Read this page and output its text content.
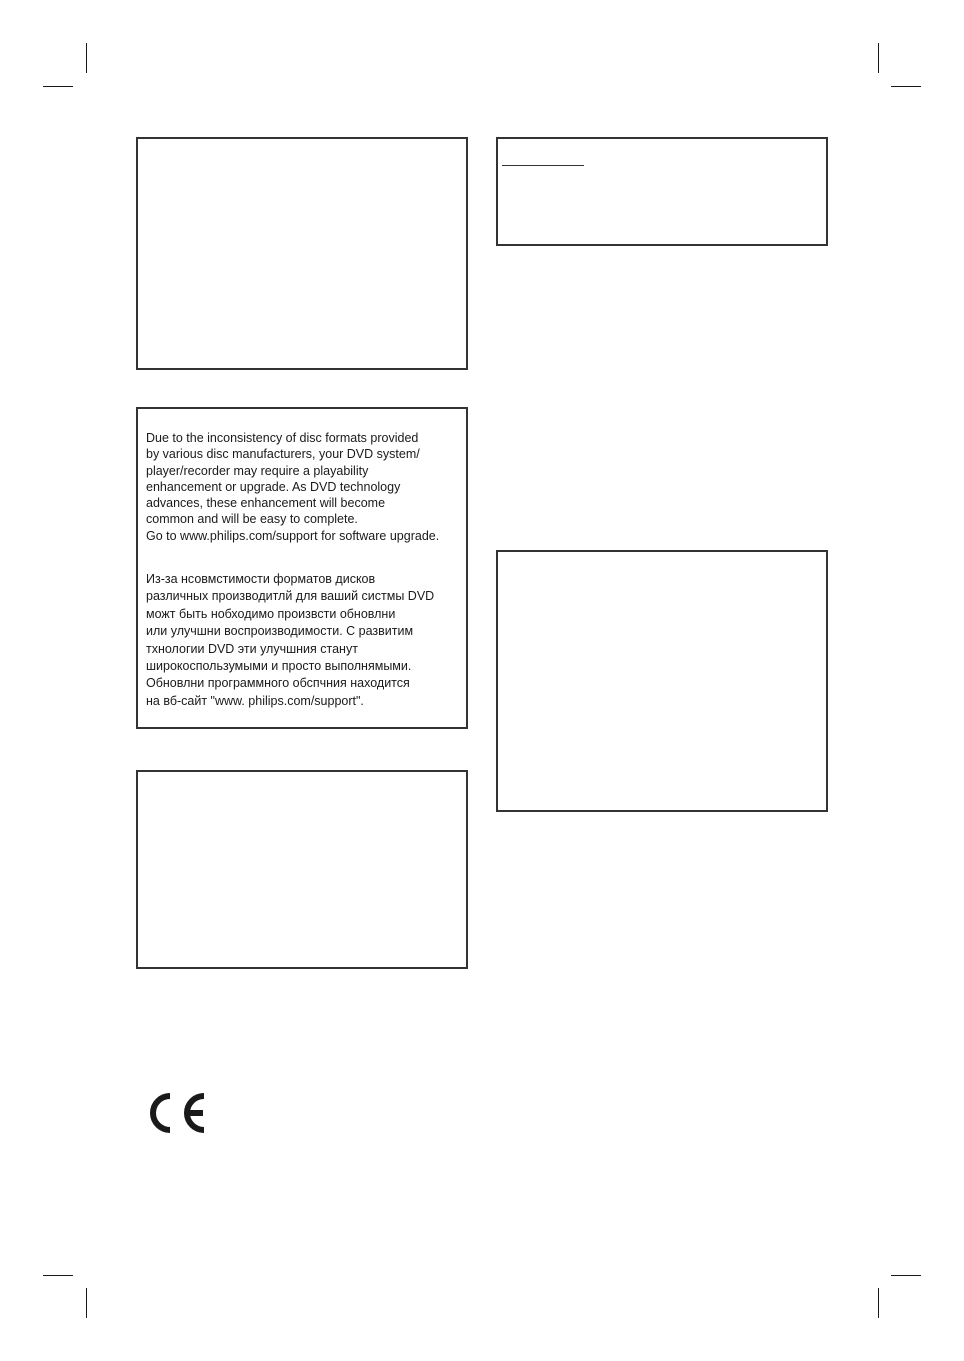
Due to the inconsistency of disc formats provided
by various disc manufacturers, your DVD system/
player/recorder may require a playability
enhancement or upgrade. As DVD technology
advances, these enhancement will become
common and will be easy to complete.
Go to www.philips.com/support for software upgrade.

Из-за нсовмстимости форматов дисков
различных производитлй для ваший систмы DVD
можт быть нобходимо произвсти обновлни
или улучшни воспроизводимости. С развитим
тхнологии DVD эти улучшния станут
широкоспользумыми и просто выполнямыми.
Обновлни программного обспчния находится
на вб-сайт "www. philips.com/support".
